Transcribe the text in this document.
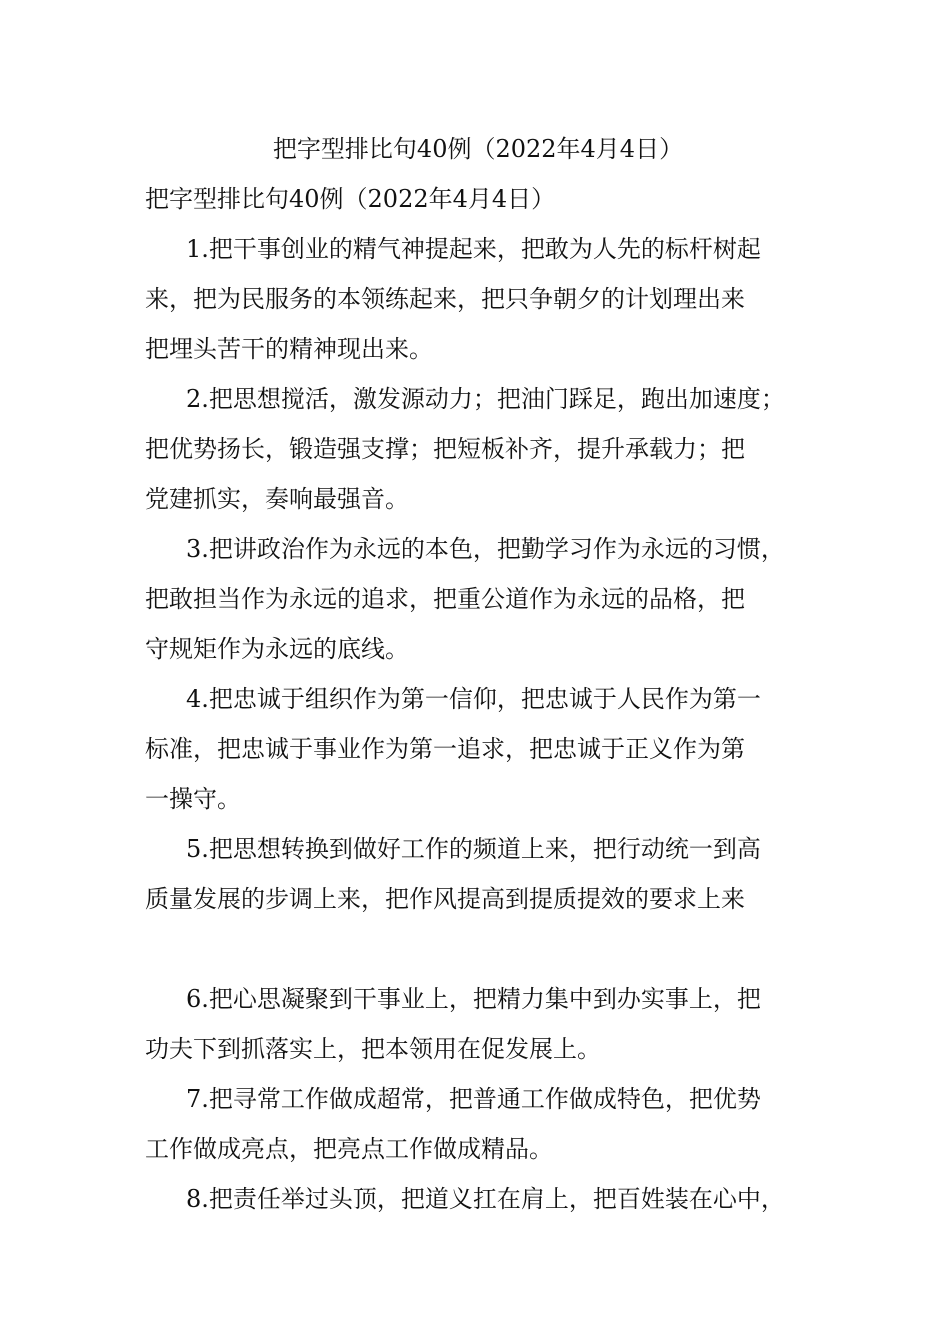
把字型排比句40例（2022年4月4日）

把字型排比句40例（2022年4月4日）

1.把干事创业的精气神提起来，把敢为人先的标杆树起

来，把为民服务的本领练起来，把只争朝夕的计划理出来

把埋头苦干的精神现出来。

2.把思想搅活，激发源动力；把油门踩足，跑出加速度；

把优势扬长，锻造强支撑；把短板补齐，提升承载力；把

党建抓实，奏响最强音。

3.把讲政治作为永远的本色，把勤学习作为永远的习惯，

把敢担当作为永远的追求，把重公道作为永远的品格，把

守规矩作为永远的底线。

4.把忠诚于组织作为第一信仰，把忠诚于人民作为第一

标准，把忠诚于事业作为第一追求，把忠诚于正义作为第

一操守。

5.把思想转换到做好工作的频道上来，把行动统一到高

质量发展的步调上来，把作风提高到提质提效的要求上来

6.把心思凝聚到干事业上，把精力集中到办实事上，把

功夫下到抓落实上，把本领用在促发展上。

7.把寻常工作做成超常，把普通工作做成特色，把优势

工作做成亮点，把亮点工作做成精品。

8.把责任举过头顶，把道义扛在肩上，把百姓装在心中，
